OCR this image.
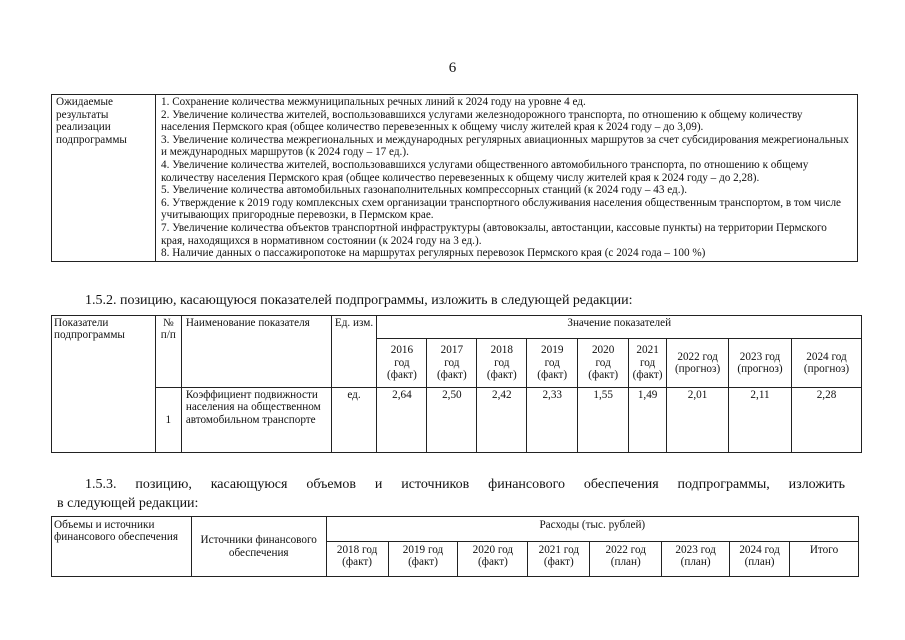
6
Ожидаемые результаты реализации подпрограммы	
1. Сохранение количества межмуниципальных речных линий к 2024 году на уровне 4 ед.
2. Увеличение количества жителей, воспользовавшихся услугами железнодорожного транспорта, по отношению к общему количеству населения Пермского края (общее количество перевезенных к общему числу жителей края к 2024 году – до 3,09).
3. Увеличение количества межрегиональных и международных регулярных авиационных маршрутов за счет субсидирования межрегиональных и международных маршрутов (к 2024 году – 17 ед.).
4. Увеличение количества жителей, воспользовавшихся услугами общественного автомобильного транспорта, по отношению к общему количеству населения Пермского края (общее количество перевезенных к общему числу жителей края к 2024 году – до 2,28).
5. Увеличение количества автомобильных газонаполнительных компрессорных станций (к 2024 году – 43 ед.).
6. Утверждение к 2019 году комплексных схем организации транспортного обслуживания населения общественным транспортом, в том числе учитывающих пригородные перевозки, в Пермском крае.
7. Увеличение количества объектов транспортной инфраструктуры (автовокзалы, автостанции, кассовые пункты) на территории Пермского края, находящихся в нормативном состоянии (к 2024 году на 3 ед.).
8. Наличие данных о пассажиропотоке на маршрутах регулярных перевозок Пермского края (с 2024 года – 100 %)
1.5.2. позицию, касающуюся показателей подпрограммы, изложить в следующей редакции:
Показатели подпрограммы	№ п/п	Наименование показателя	Ед. изм.	Значение показателей								
				2016
год
(факт)	2017
год
(факт)	2018
год
(факт)	2019
год
(факт)	2020
год
(факт)	2021
год
(факт)	2022 год
(прогноз)	2023 год
(прогноз)	2024 год
(прогноз)
	1	Коэффициент подвижности населения на общественном автомобильном транспорте	ед.	2,64	2,50	2,42	2,33	1,55	1,49	2,01	2,11	2,28
1.5.3. позицию, касающуюся объемов и источников финансового обеспечения подпрограммы, изложить
в следующей редакции:
Объемы и источники финансового обеспечения	Источники финансового обеспечения	Расходы (тыс. рублей)							
		2018 год
(факт)	2019 год
(факт)	2020 год
(факт)	2021 год
(факт)	2022 год
(план)	2023 год
(план)	2024 год
(план)	Итого
